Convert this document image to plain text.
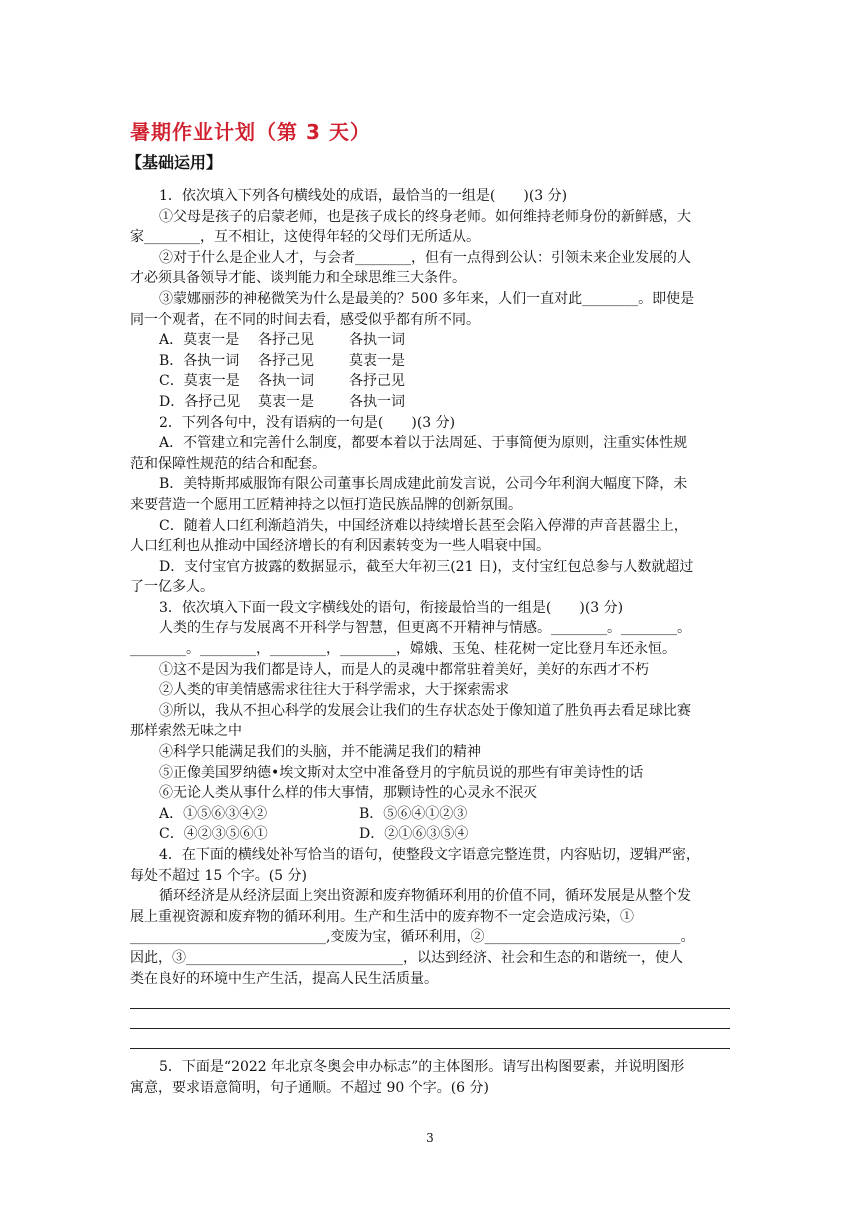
暑期作业计划（第 3 天）
【基础运用】
1．依次填入下列各句横线处的成语，最恰当的一组是(　　)(3 分)
①父母是孩子的启蒙老师，也是孩子成长的终身老师。如何维持老师身份的新鲜感，大
家________，互不相让，这使得年轻的父母们无所适从。
②对于什么是企业人才，与会者________，但有一点得到公认：引领未来企业发展的人
才必须具备领导才能、谈判能力和全球思维三大条件。
③蒙娜丽莎的神秘微笑为什么是最美的？500 多年来，人们一直对此________。即使是
同一个观者，在不同的时间去看，感受似乎都有所不同。
A．莫衷一是 各抒己见	各执一词
B．各执一词 各抒己见	莫衷一是
C．莫衷一是 各执一词	各抒己见
D．各抒己见 莫衷一是	各执一词
2．下列各句中，没有语病的一句是(　　)(3 分)
A．不管建立和完善什么制度，都要本着以于法周延、于事简便为原则，注重实体性规
范和保障性规范的结合和配套。
B．美特斯邦威服饰有限公司董事长周成建此前发言说，公司今年利润大幅度下降，未
来要营造一个愿用工匠精神持之以恒打造民族品牌的创新氛围。
C．随着人口红利渐趋消失，中国经济难以持续增长甚至会陷入停滞的声音甚嚣尘上，
人口红利也从推动中国经济增长的有利因素转变为一些人唱衰中国。
D．支付宝官方披露的数据显示，截至大年初三(21 日)，支付宝红包总参与人数就超过
了一亿多人。
3．依次填入下面一段文字横线处的语句，衔接最恰当的一组是(　　)(3 分)
人类的生存与发展离不开科学与智慧，但更离不开精神与情感。________。________。
________。________，________，________，嫦娥、玉兔、桂花树一定比登月车还永恒。
①这不是因为我们都是诗人，而是人的灵魂中都常驻着美好，美好的东西才不朽
②人类的审美情感需求往往大于科学需求，大于探索需求
③所以，我从不担心科学的发展会让我们的生存状态处于像知道了胜负再去看足球比赛
那样索然无味之中
④科学只能满足我们的头脑，并不能满足我们的精神
⑤正像美国罗纳德•埃文斯对太空中准备登月的宇航员说的那些有审美诗性的话
⑥无论人类从事什么样的伟大事情，那颗诗性的心灵永不泯灭
A．①⑤⑥③④②	B．⑤⑥④①②③
C．④②③⑤⑥①	D．②①⑥③⑤④
4．在下面的横线处补写恰当的语句，使整段文字语意完整连贯，内容贴切，逻辑严密，
每处不超过 15 个字。(5 分)
循环经济是从经济层面上突出资源和废弃物循环利用的价值不同，循环发展是从整个发
展上重视资源和废弃物的循环利用。生产和生活中的废弃物不一定会造成污染，①
____________________________,变废为宝，循环利用，②____________________________。
因此，③_______________________________，以达到经济、社会和生态的和谐统一，使人
类在良好的环境中生产生活，提高人民生活质量。
5．下面是“2022 年北京冬奥会申办标志”的主体图形。请写出构图要素，并说明图形
寓意，要求语意简明，句子通顺。不超过 90 个字。(6 分)
3
